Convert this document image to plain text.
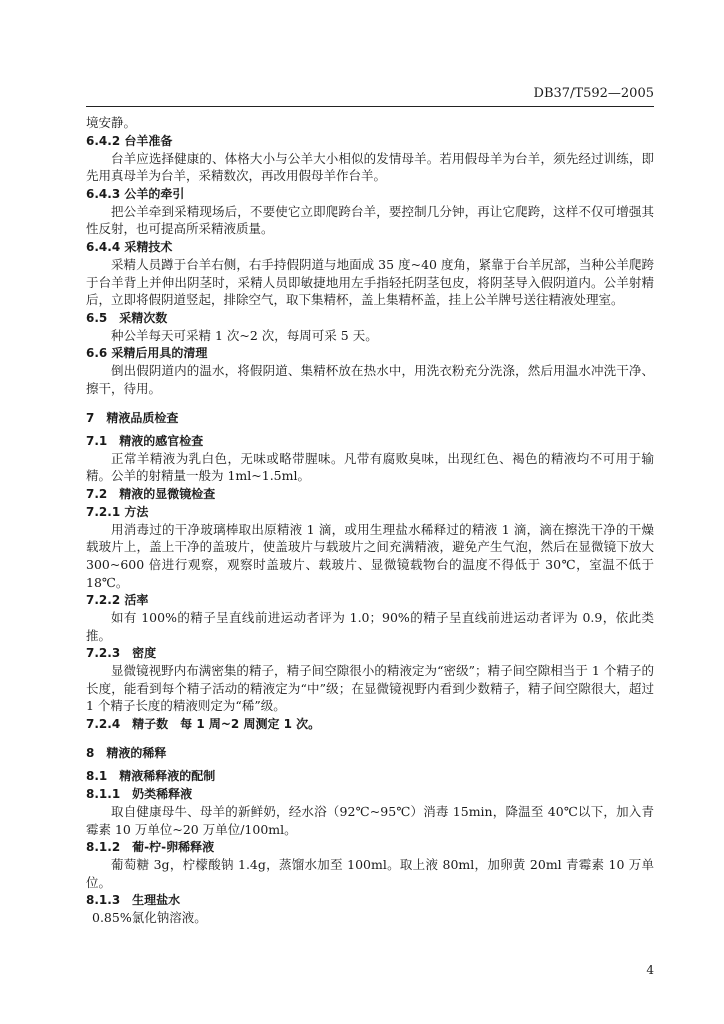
DB37/T592—2005

境安静。

6.4.2 台羊准备

台羊应选择健康的、体格大小与公羊大小相似的发情母羊。若用假母羊为台羊，须先经过训练，即先用真母羊为台羊，采精数次，再改用假母羊作台羊。

6.4.3 公羊的牵引

把公羊牵到采精现场后，不要使它立即爬跨台羊，要控制几分钟，再让它爬跨，这样不仅可增强其性反射，也可提高所采精液质量。

6.4.4 采精技术

采精人员蹲于台羊右侧，右手持假阴道与地面成 35 度~40 度角，紧靠于台羊尻部，当种公羊爬跨于台羊背上并伸出阴茎时，采精人员即敏捷地用左手指轻托阴茎包皮，将阴茎导入假阴道内。公羊射精后，立即将假阴道竖起，排除空气，取下集精杯，盖上集精杯盖，挂上公羊牌号送往精液处理室。

6.5　采精次数

种公羊每天可采精 1 次~2 次，每周可采 5 天。

6.6 采精后用具的清理

倒出假阴道内的温水，将假阴道、集精杯放在热水中，用洗衣粉充分洗涤，然后用温水冲洗干净、擦干，待用。

7　精液品质检查

7.1　精液的感官检查

正常羊精液为乳白色，无味或略带腥味。凡带有腐败臭味，出现红色、褐色的精液均不可用于输精。公羊的射精量一般为 1ml~1.5ml。

7.2　精液的显微镜检查

7.2.1 方法

用消毒过的干净玻璃棒取出原精液 1 滴，或用生理盐水稀释过的精液 1 滴，滴在擦洗干净的干燥载玻片上，盖上干净的盖玻片，使盖玻片与载玻片之间充满精液，避免产生气泡，然后在显微镜下放大 300~600 倍进行观察，观察时盖玻片、载玻片、显微镜载物台的温度不得低于 30℃，室温不低于 18℃。

7.2.2 活率

如有 100%的精子呈直线前进运动者评为 1.0；90%的精子呈直线前进运动者评为 0.9，依此类推。

7.2.3　密度

显微镜视野内布满密集的精子，精子间空隙很小的精液定为“密级”；精子间空隙相当于 1 个精子的长度，能看到每个精子活动的精液定为“中”级；在显微镜视野内看到少数精子，精子间空隙很大，超过 1 个精子长度的精液则定为“稀”级。

7.2.4　精子数　每 1 周~2 周测定 1 次。

8　精液的稀释

8.1　精液稀释液的配制

8.1.1　奶类稀释液

取自健康母牛、母羊的新鲜奶，经水浴（92℃~95℃）消毒 15min，降温至 40℃以下，加入青霉素 10 万单位~20 万单位/100ml。

8.1.2　葡-柠-卵稀释液

葡萄糖 3g，柠檬酸钠 1.4g，蒸馏水加至 100ml。取上液 80ml，加卵黄 20ml 青霉素 10 万单位。

8.1.3　生理盐水

0.85%氯化钠溶液。

4
